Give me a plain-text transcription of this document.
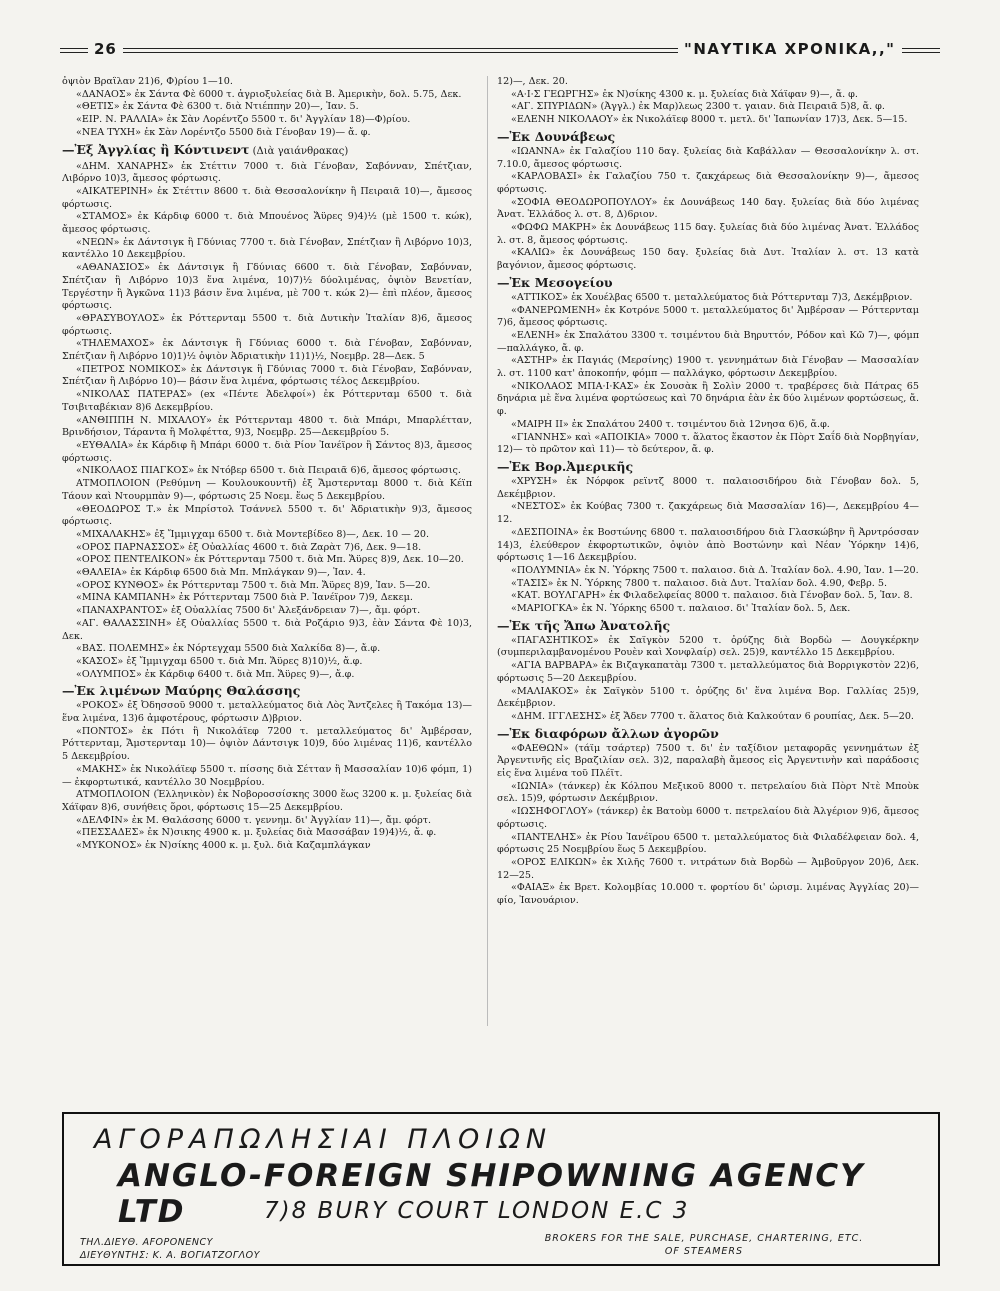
26	"ΝΑΥΤΙΚΑ ΧΡΟΝΙΚΑ,,"

ὀψιὸν Βραΐλαν 21)6, Φ)ρίου 1—10.

«ΔΑΝΑΟΣ» ἐκ Σάντα Φὲ 6000 τ. ἀγριοξυλείας διὰ Β. Ἀμερικὴν, δολ. 5.75, Δεκ.

«ΘΕΤΙΣ» ἐκ Σάντα Φὲ 6300 τ. διὰ Ντιέππην 20)—, Ἰαν. 5.

«ΕΙΡ. Ν. ΡΑΛΛΙΑ» ἐκ Σὰν Λορέντζο 5500 τ. δι' Ἀγγλίαν 18)—Φ)ρίου.

«ΝΕΑ ΤΥΧΗ» ἐκ Σὰν Λορέντζο 5500 διὰ Γένοβαν 19)— ἄ. φ.

—Ἐξ Ἀγγλίας ἢ Κόντινεντ (Διὰ γαιάνθρακας)

«ΔΗΜ. ΧΑΝΑΡΗΣ» ἐκ Στέττιν 7000 τ. διὰ Γένοβαν, Σαβόνναν, Σπέτζιαν, Λιβόρνο 10)3, ἄμεσος φόρτωσις.

«ΑΙΚΑΤΕΡΙΝΗ» ἐκ Στέττιν 8600 τ. διὰ Θεσσαλονίκην ἢ Πειραιᾶ 10)—, ἄμεσος φόρτωσις.

«ΣΤΑΜΟΣ» ἐκ Κάρδιφ 6000 τ. διὰ Μπουένος Ἄϋρες 9)4)½ (μὲ 1500 τ. κώκ), ἄμεσος φόρτωσις.

«ΝΕΩΝ» ἐκ Δάντσιγκ ἢ Γδύνιας 7700 τ. διὰ Γένοβαν, Σπέτζιαν ἢ Λιβόρνο 10)3, καντέλλο 10 Δεκεμβρίου.

«ΑΘΑΝΑΣΙΟΣ» ἐκ Δάντσιγκ ἢ Γδύνιας 6600 τ. διὰ Γένοβαν, Σαβόνναν, Σπέτζιαν ἢ Λιβόρνο 10)3 ἕνα λιμένα, 10)7)½ δύολιμένας, ὀψιὸν Βενετίαν, Τεργέστην ἢ Ἀγκῶνα 11)3 βάσιν ἕνα λιμένα, μὲ 700 τ. κώκ 2)— ἐπὶ πλέον, ἄμεσος φόρτωσις.

«ΘΡΑΣΥΒΟΥΛΟΣ» ἐκ Ρόττερνταμ 5500 τ. διὰ Δυτικὴν Ἰταλίαν 8)6, ἄμεσος φόρτωσις.

«ΤΗΛΕΜΑΧΟΣ» ἐκ Δάντσιγκ ἢ Γδύνιας 6000 τ. διὰ Γένοβαν, Σαβόνναν, Σπέτζιαν ἢ Λιβόρνο 10)1)½ ὀψιὸν Ἀδριατικὴν 11)1)½, Νοεμβρ. 28—Δεκ. 5

«ΠΕΤΡΟΣ ΝΟΜΙΚΟΣ» ἐκ Δάντσιγκ ἢ Γδύνιας 7000 τ. διὰ Γένοβαν, Σαβόνναν, Σπέτζιαν ἢ Λιβόρνο 10)— βάσιν ἕνα λιμένα, φόρτωσις τέλος Δεκεμβρίου.

«ΝΙΚΟΛΑΣ ΠΑΤΕΡΑΣ» (ex «Πέντε Ἀδελφοί») ἐκ Ρόττερνταμ 6500 τ. διὰ Τσιβιταβέκιαν 8)6 Δεκεμβρίου.

«ΑΝΘΙΠΠΗ Ν. ΜΙΧΑΛΟΥ» ἐκ Ρόττερνταμ 4800 τ. διὰ Μπάρι, Μπαρλέτταν, Βρινδήσιον, Τάραντα ἢ Μολφέττα, 9)3, Νοεμβρ. 25—Δεκεμβρίου 5.

«ΕΥΘΑΛΙΑ» ἐκ Κάρδιφ ἢ Μπάρι 6000 τ. διὰ Ρίον Ἰανέϊρον ἢ Σάντος 8)3, ἄμεσος φόρτωσις.

«ΝΙΚΟΛΑΟΣ ΠΙΑΓΚΟΣ» ἐκ Ντόβερ 6500 τ. διὰ Πειραιᾶ 6)6, ἄμεσος φόρτωσις.

ΑΤΜΟΠΛΟΙΟΝ (Ρεθύμνη — Κουλουκουντῆ) ἐξ Ἄμστερνταμ 8000 τ. διὰ Κέϊπ Τάουν καὶ Ντουρμπὰν 9)—, φόρτωσις 25 Νοεμ. ἕως 5 Δεκεμβρίου.

«ΘΕΟΔΩΡΟΣ Τ.» ἐκ Μπρίστολ Τσάννελ 5500 τ. δι' Ἀδριατικὴν 9)3, ἄμεσος φόρτωσις.

«ΜΙΧΑΛΑΚΗΣ» ἐξ Ἴμμιγχαμ 6500 τ. διὰ Μοντεβίδεο 8)—, Δεκ. 10 — 20.

«ΟΡΟΣ ΠΑΡΝΑΣΣΟΣ» ἐξ Οὐαλλίας 4600 τ. διὰ Ζαρὰτ 7)6, Δεκ. 9—18.

«ΟΡΟΣ ΠΕΝΤΕΛΙΚΟΝ» ἐκ Ρόττερνταμ 7500 τ. διὰ Μπ. Ἄϋρες 8)9, Δεκ. 10—20.

«ΘΑΛΕΙΑ» ἐκ Κάρδιφ 6500 διὰ Μπ. Μπλάγκαν 9)—, Ἰαν. 4.

«ΟΡΟΣ ΚΥΝΘΟΣ» ἐκ Ρόττερνταμ 7500 τ. διὰ Μπ. Ἄϋρες 8)9, Ἰαν. 5—20.

«ΜΙΝΑ ΚΑΜΠΑΝΗ» ἐκ Ρόττερνταμ 7500 διὰ Ρ. Ἰανέϊρον 7)9, Δεκεμ.

«ΠΑΝΑΧΡΑΝΤΟΣ» ἐξ Οὐαλλίας 7500 δι' Ἀλεξάνδρειαν 7)—, ἄμ. φόρτ.

«ΑΓ. ΘΑΛΑΣΣΙΝΗ» ἐξ Οὐαλλίας 5500 τ. διὰ Ροζάριο 9)3, ἐὰν Σάντα Φὲ 10)3, Δεκ.

«ΒΑΣ. ΠΟΛΕΜΗΣ» ἐκ Νόρτεγχαμ 5500 διὰ Χαλκίδα 8)—, ἄ.φ.

«ΚΑΣΟΣ» ἐξ Ἴμμιγχαμ 6500 τ. διὰ Μπ. Ἄϋρες 8)10)½, ἄ.φ.

«ΟΛΥΜΠΟΣ» ἐκ Κάρδιφ 6400 τ. διὰ Μπ. Ἄϋρες 9)—, ἄ.φ.

—Ἐκ λιμένων Μαύρης Θαλάσσης

«ΡΟΚΟΣ» ἐξ Ὀδησσοῦ 9000 τ. μεταλλεύματος διὰ Λὸς Ἄντζελες ἢ Τακόμα 13)— ἕνα λιμένα, 13)6 ἀμφοτέρους, φόρτωσιν Δ)βριον.

«ΠΟΝΤΟΣ» ἐκ Πότι ἢ Νικολάϊεφ 7200 τ. μεταλλεύματος δι' Ἀμβέρσαν, Ρόττερνταμ, Ἄμστερνταμ 10)— ὀψιὸν Δάντσιγκ 10)9, δύο λιμένας 11)6, καντέλλο 5 Δεκεμβρίου.

«ΜΑΚΗΣ» ἐκ Νικολάϊεφ 5500 τ. πίσσης διὰ Σέτταν ἢ Μασσαλίαν 10)6 φόμπ, 1)— ἐκφορτωτικά, καντέλλο 30 Νοεμβρίου.

ΑΤΜΟΠΛΟΙΟΝ (Ἑλληνικὸν) ἐκ Νοβοροσσίσκης 3000 ἕως 3200 κ. μ. ξυλείας διὰ Χάϊφαν 8)6, συνήθεις ὅροι, φόρτωσις 15—25 Δεκεμβρίου.

«ΔΕΛΦΙΝ» ἐκ Μ. Θαλάσσης 6000 τ. γεννημ. δι' Ἀγγλίαν 11)—, ἄμ. φόρτ.

«ΠΕΣΣΑΔΕΣ» ἐκ Ν)σικης 4900 κ. μ. ξυλείας διὰ Μασσάβαν 19)4)½, ἄ. φ.

«ΜΥΚΟΝΟΣ» ἐκ Ν)σίκης 4000 κ. μ. ξυλ. διὰ Καζαμπλάγκαν

12)—, Δεκ. 20.

«Α·Ι·Σ ΓΕΩΡΓΗΣ» ἐκ Ν)σίκης 4300 κ. μ. ξυλείας διὰ Χάϊφαν 9)—, ἄ. φ.

«ΑΓ. ΣΠΥΡΙΔΩΝ» (Ἀγγλ.) ἐκ Μαρ)λεως 2300 τ. γαιαν. διὰ Πειραιᾶ 5)8, ἄ. φ.

«ΕΛΕΝΗ ΝΙΚΟΛΑΟΥ» ἐκ Νικολάϊεφ 8000 τ. μετλ. δι' Ἰαπωνίαν 17)3, Δεκ. 5—15.

—Ἐκ Δουνάβεως

«ΙΩΑΝΝΑ» ἐκ Γαλαζίου 110 δαγ. ξυλείας διὰ Καβάλλαν — Θεσσαλονίκην λ. στ. 7.10.0, ἄμεσος φόρτωσις.

«ΚΑΡΛΟΒΑΣΙ» ἐκ Γαλαζίου 750 τ. ζακχάρεως διὰ Θεσσαλονίκην 9)—, ἄμεσος φόρτωσις.

«ΣΟΦΙΑ ΘΕΟΔΩΡΟΠΟΥΛΟΥ» ἐκ Δουνάβεως 140 δαγ. ξυλείας διὰ δύο λιμένας Ἀνατ. Ἑλλάδος λ. στ. 8, Δ)6ριον.

«ΦΩΦΩ ΜΑΚΡΗ» ἐκ Δουνάβεως 115 δαγ. ξυλείας διὰ δύο λιμένας Ἀνατ. Ἑλλάδος λ. στ. 8, ἄμεσος φόρτωσις.

«ΚΑΛΙΩ» ἐκ Δουνάβεως 150 δαγ. ξυλείας διὰ Δυτ. Ἰταλίαν λ. στ. 13 κατὰ βαγόνιον, ἄμεσος φόρτωσις.

—Ἐκ Μεσογείου

«ΑΤΤΙΚΟΣ» ἐκ Χουέλβας 6500 τ. μεταλλεύματος διὰ Ρόττερνταμ 7)3, Δεκέμβριον.

«ΦΑΝΕΡΩΜΕΝΗ» ἐκ Κοτρόνε 5000 τ. μεταλλεύματος δι' Ἀμβέρσαν — Ρόττερνταμ 7)6, ἄμεσος φόρτωσις.

«ΕΛΕΝΗ» ἐκ Σπαλάτου 3300 τ. τσιμέντου διὰ Βηρυττόν, Ρόδον καὶ Κῶ 7)—, φόμπ—παλλάγκο, ἄ. φ.

«ΑΣΤΗΡ» ἐκ Παγιάς (Μερσίνης) 1900 τ. γεννημάτων διὰ Γένοβαν — Μασσαλίαν λ. στ. 1100 κατ' ἀποκοπήν, φόμπ — παλλάγκο, φόρτωσιν Δεκεμβρίου.

«ΝΙΚΟΛΑΟΣ ΜΠΑ·Ι·ΚΑΣ» ἐκ Σουσὰκ ἢ Σολὶν 2000 τ. τραβέρσες διὰ Πάτρας 65 δηνάρια μὲ ἕνα λιμένα φορτώσεως καὶ 70 δηνάρια ἐὰν ἐκ δύο λιμένων φορτώσεως, ἄ. φ.

«ΜΑΙΡΗ ΙΙ» ἐκ Σπαλάτου 2400 τ. τσιμέντου διὰ 12νησα 6)6, ἄ.φ.

«ΓΙΑΝΝΗΣ» καὶ «ΑΠΟΙΚΙΑ» 7000 τ. ἅλατος ἕκαστον ἐκ Πὸρτ Σαΐδ διὰ Νορβηγίαν, 12)— τὸ πρῶτον καὶ 11)— τὸ δεύτερον, ἄ. φ.

—Ἐκ Βορ.Ἀμερικῆς

«ΧΡΥΣΗ» ἐκ Νόρφοκ ρεϊντζ 8000 τ. παλαιοσιδήρου διὰ Γένοβαν δολ. 5, Δεκέμβριον.

«ΝΕΣΤΟΣ» ἐκ Κούβας 7300 τ. ζακχάρεως διὰ Μασσαλίαν 16)—, Δεκεμβρίου 4—12.

«ΔΕΣΠΟΙΝΑ» ἐκ Βοστώνης 6800 τ. παλαιοσιδήρου διὰ Γλασκώβην ἢ Ἀρντρόσσαν 14)3, ἐλεύθερον ἐκφορτωτικῶν, ὀψιὸν ἀπὸ Βοστώνην καὶ Νέαν Ὑόρκην 14)6, φόρτωσις 1—16 Δεκεμβρίου.

«ΠΟΛΥΜΝΙΑ» ἐκ Ν. Ὑόρκης 7500 τ. παλαιοσ. διὰ Δ. Ἰταλίαν δολ. 4.90, Ἰαν. 1—20.

«ΤΑΣΙΣ» ἐκ Ν. Ὑόρκης 7800 τ. παλαιοσ. διὰ Δυτ. Ἰταλίαν δολ. 4.90, Φεβρ. 5.

«ΚΑΤ. ΒΟΥΛΓΑΡΗ» ἐκ Φιλαδελφείας 8000 τ. παλαιοσ. διὰ Γένοβαν δολ. 5, Ἰαν. 8.

«ΜΑΡΙΟΓΚΑ» ἐκ Ν. Ὑόρκης 6500 τ. παλαιοσ. δι' Ἰταλίαν δολ. 5, Δεκ.

—Ἐκ τῆς Ἄπω Ἀνατολῆς

«ΠΑΓΑΣΗΤΙΚΟΣ» ἐκ Σαϊγκὸν 5200 τ. ὀρύζης διὰ Βορδὼ — Δουγκέρκην (συμπεριλαμβανομένου Ρουὲν καὶ Χονφλαίρ) σελ. 25)9, καντέλλο 15 Δεκεμβρίου.

«ΑΓΙΑ ΒΑΡΒΑΡΑ» ἐκ Βιζαγκαπατὰμ 7300 τ. μεταλλεύματος διὰ Βορριγκστὸν 22)6, φόρτωσις 5—20 Δεκεμβρίου.

«ΜΑΛΙΑΚΟΣ» ἐκ Σαϊγκὸν 5100 τ. ὀρύζης δι' ἕνα λιμένα Βορ. Γαλλίας 25)9, Δεκέμβριον.

«ΔΗΜ. ΙΓΓΛΕΣΗΣ» ἐξ Ἄδεν 7700 τ. ἅλατος διὰ Καλκούταν 6 ρουπίας, Δεκ. 5—20.

—Ἐκ διαφόρων ἄλλων ἀγορῶν

«ΦΑΕΘΩΝ» (τάϊμ τσάρτερ) 7500 τ. δι' ἐν ταξίδιον μεταφορᾶς γεννημάτων ἐξ Ἀργεντινῆς εἰς Βραζιλίαν σελ. 3)2, παραλαβὴ ἄμεσος εἰς Ἀργεντινὴν καὶ παράδοσις εἰς ἕνα λιμένα τοῦ Πλέϊτ.

«ΙΩΝΙΑ» (τάνκερ) ἐκ Κόλπου Μεξικοῦ 8000 τ. πετρελαίου διὰ Πὸρτ Ντὲ Μποὺκ σελ. 15)9, φόρτωσιν Δεκέμβριον.

«ΙΩΣΗΦΟΓΛΟΥ» (τάνκερ) ἐκ Βατοὺμ 6000 τ. πετρελαίου διὰ Ἀλγέριον 9)6, ἄμεσος φόρτωσις.

«ΠΑΝΤΕΛΗΣ» ἐκ Ρίου Ἰανέϊρου 6500 τ. μεταλλεύματος διὰ Φιλαδέλφειαν δολ. 4, φόρτωσις 25 Νοεμβρίου ἕως 5 Δεκεμβρίου.

«ΟΡΟΣ ΕΛΙΚΩΝ» ἐκ Χιλῆς 7600 τ. νιτράτων διὰ Βορδὼ — Ἀμβοῦργον 20)6, Δεκ. 12—25.

«ΦΑΙΑΞ» ἐκ Βρετ. Κολομβίας 10.000 τ. φορτίου δι' ὡρισμ. λιμένας Ἀγγλίας 20)— φίο, Ἰανουάριον.

ΑΓΟΡΑΠΩΛΗΣΙΑΙ ΠΛΟΙΩΝ
ANGLO-FOREIGN SHIPOWNING AGENCY LTD	7)8 BURY COURT LONDON E.C 3
ΤΗΛ.ΔΙΕΥΘ. AFOPONENCY
ΔΙΕΥΘΥΝΤΗΣ: Κ. Α. ΒΟΓΙΑΤΖΟΓΛΟΥ
BROKERS FOR THE SALE, PURCHASE, CHARTERING, ETC.
OF STEAMERS
